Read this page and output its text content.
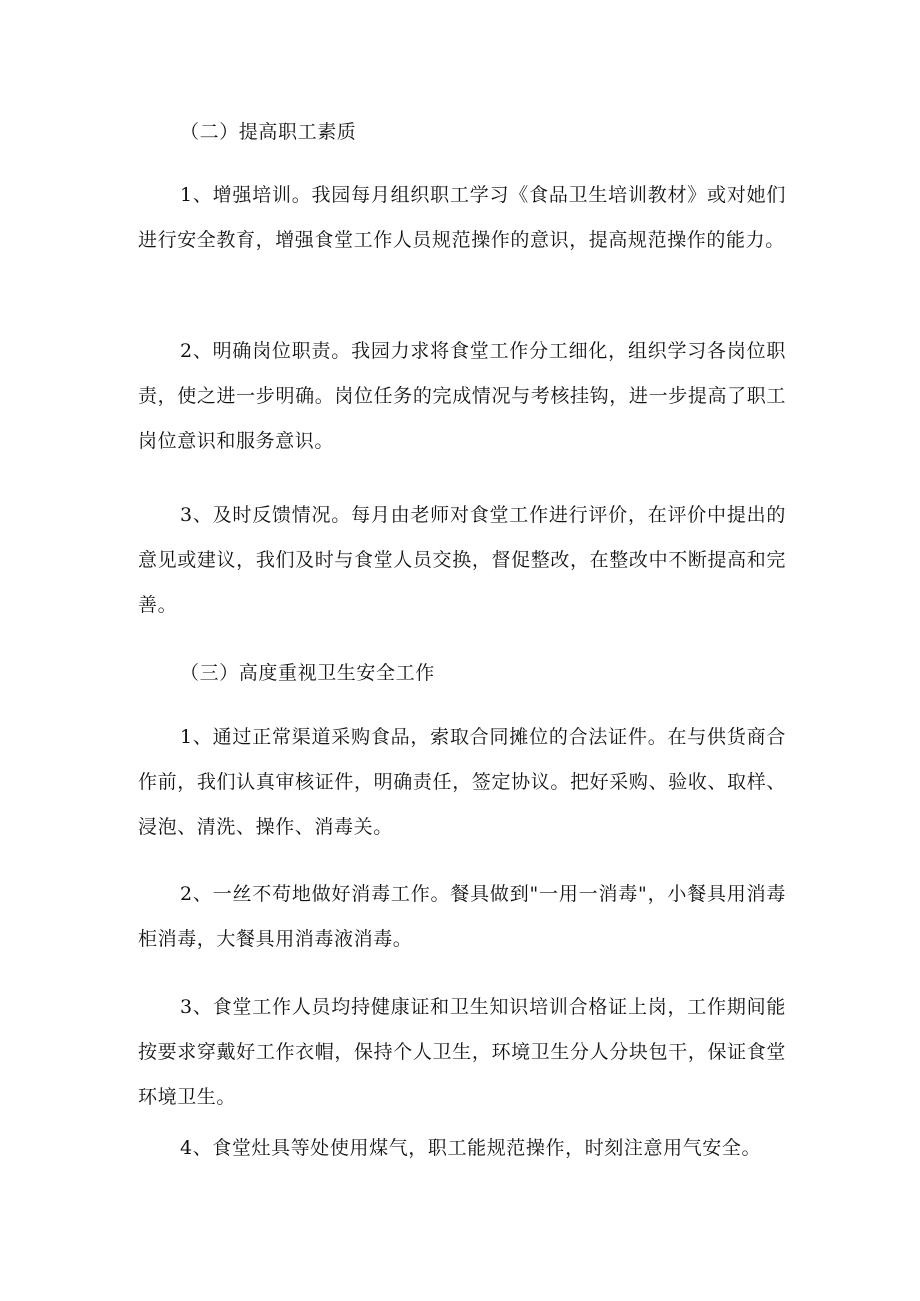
（二）提高职工素质

1、增强培训。我园每月组织职工学习《食品卫生培训教材》或对她们进行安全教育，增强食堂工作人员规范操作的意识，提高规范操作的能力。

2、明确岗位职责。我园力求将食堂工作分工细化，组织学习各岗位职责，使之进一步明确。岗位任务的完成情况与考核挂钩，进一步提高了职工岗位意识和服务意识。

3、及时反馈情况。每月由老师对食堂工作进行评价，在评价中提出的意见或建议，我们及时与食堂人员交换，督促整改，在整改中不断提高和完善。

（三）高度重视卫生安全工作

1、通过正常渠道采购食品，索取合同摊位的合法证件。在与供货商合作前，我们认真审核证件，明确责任，签定协议。把好采购、验收、取样、浸泡、清洗、操作、消毒关。

2、一丝不苟地做好消毒工作。餐具做到"一用一消毒"，小餐具用消毒柜消毒，大餐具用消毒液消毒。

3、食堂工作人员均持健康证和卫生知识培训合格证上岗，工作期间能按要求穿戴好工作衣帽，保持个人卫生，环境卫生分人分块包干，保证食堂环境卫生。

4、食堂灶具等处使用煤气，职工能规范操作，时刻注意用气安全。
